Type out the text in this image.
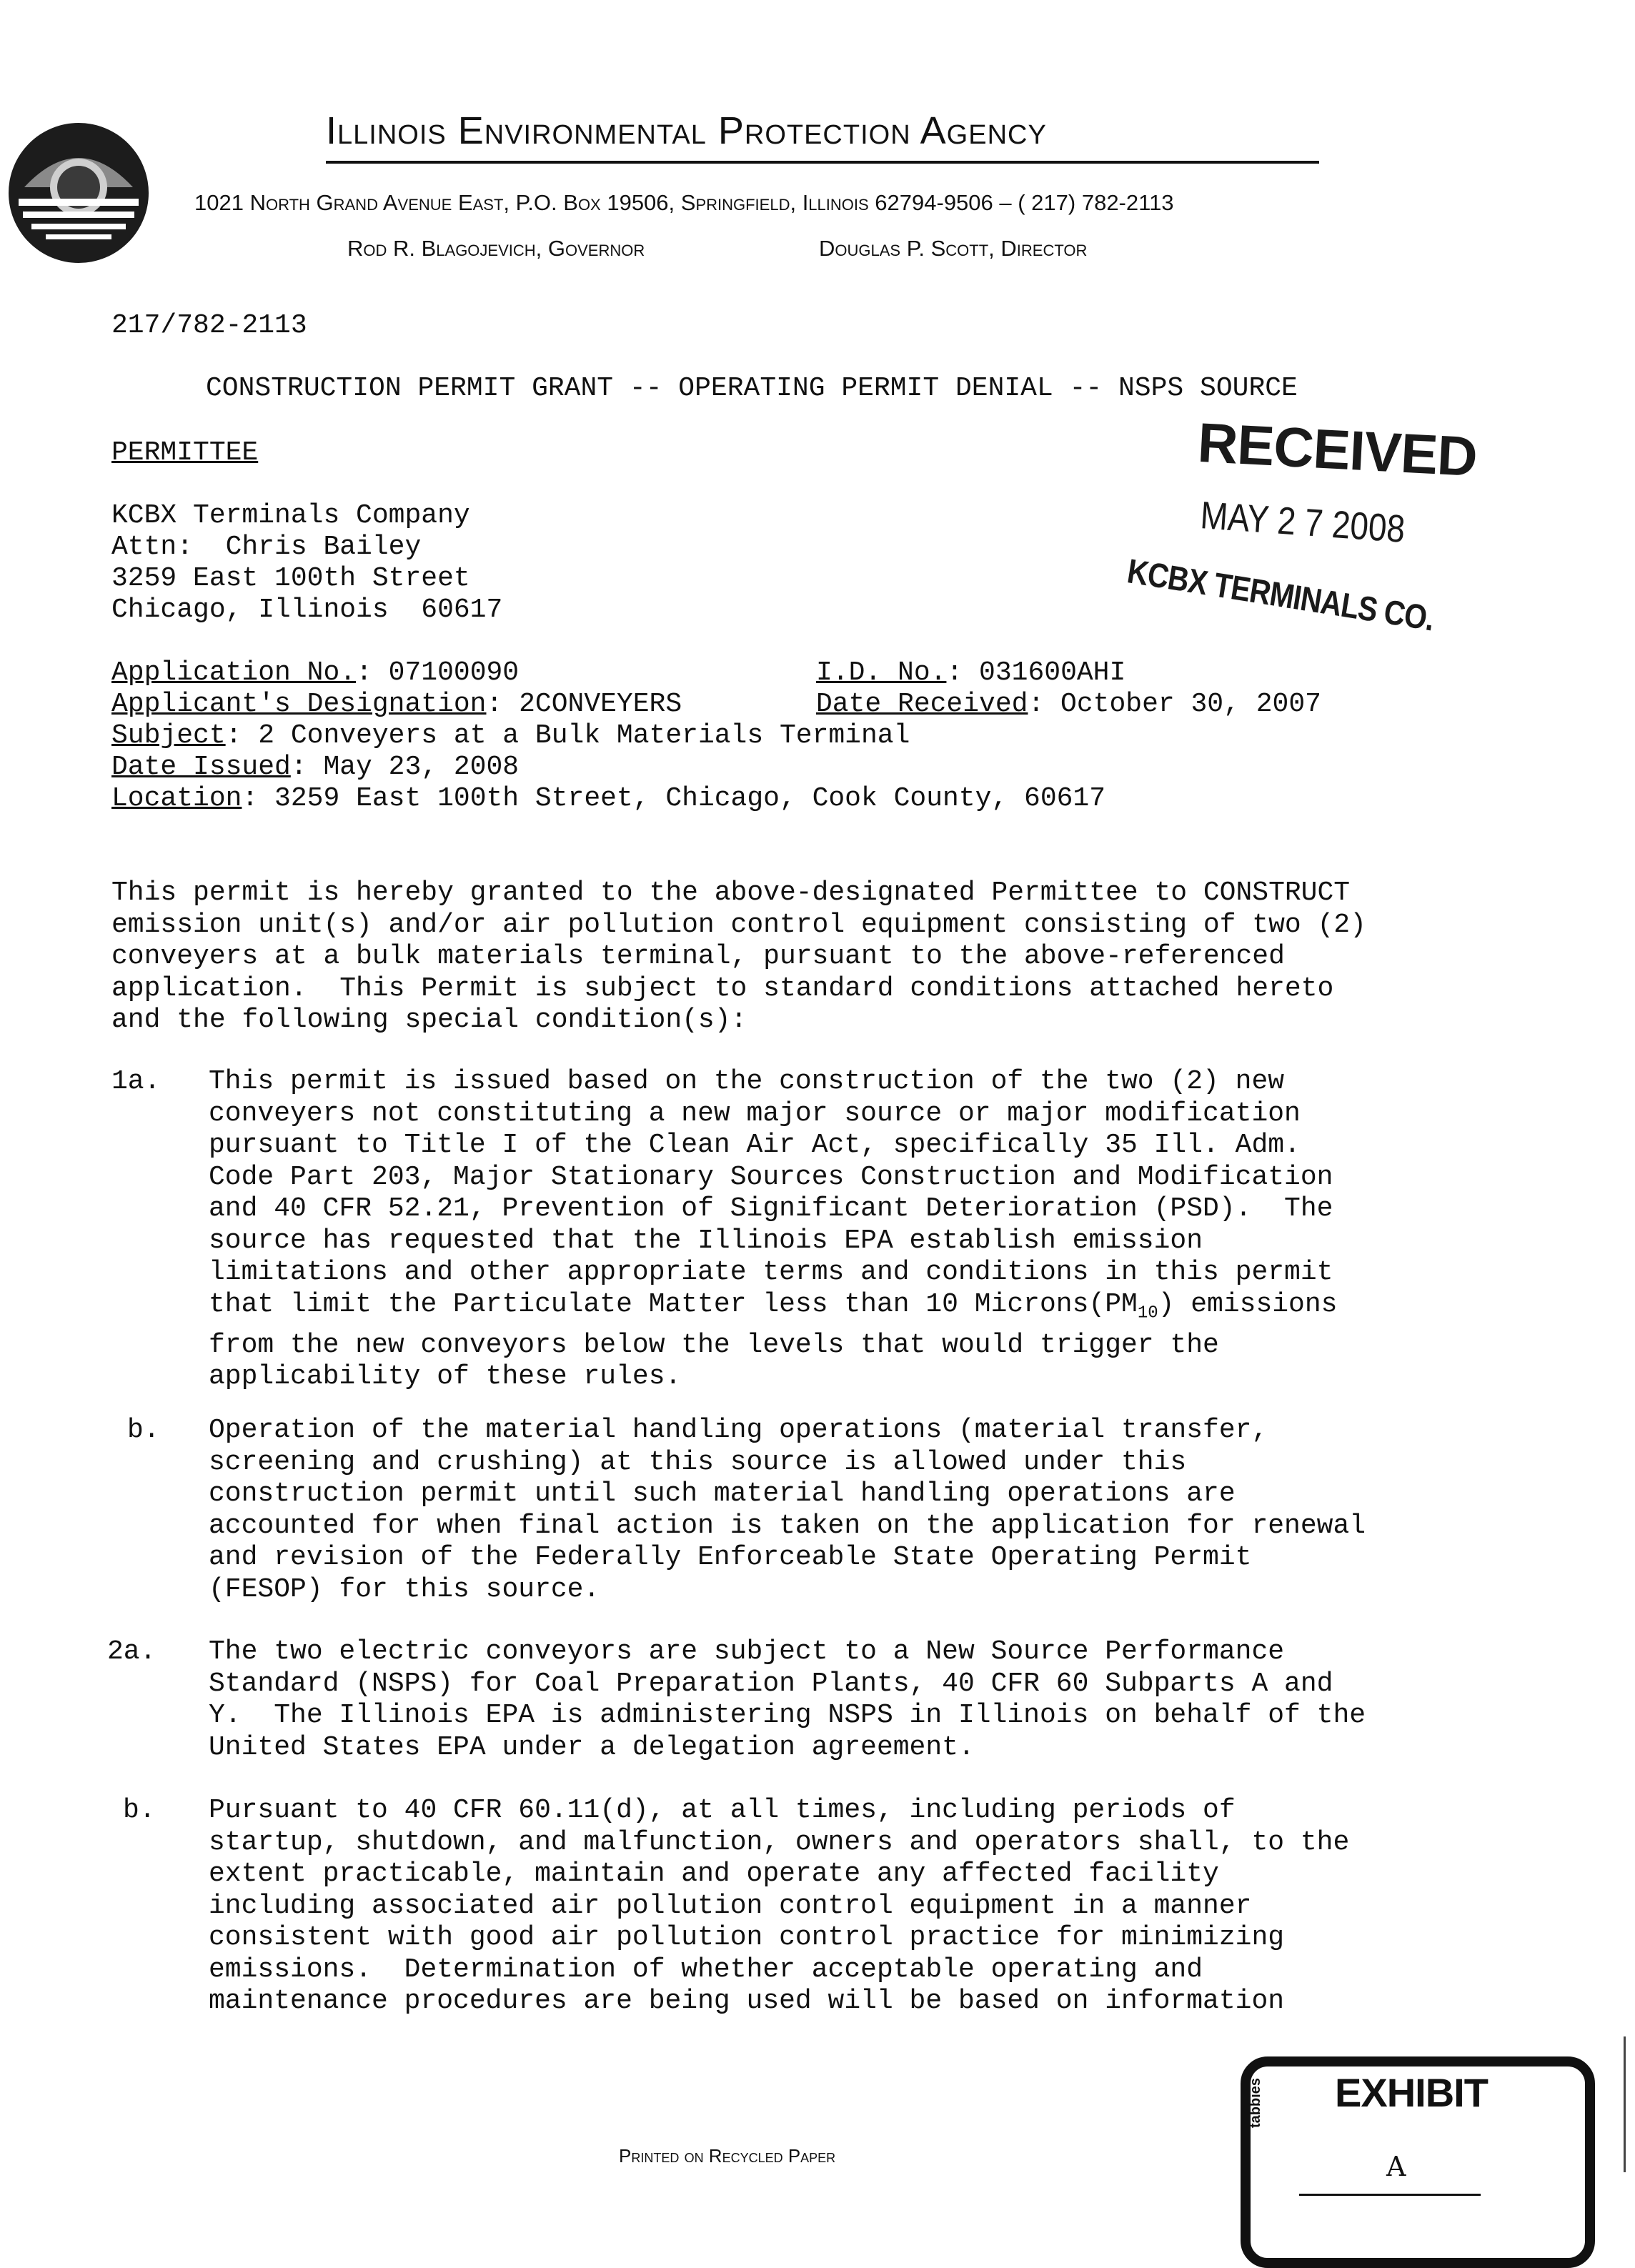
Illinois Environmental Protection Agency
1021 North Grand Avenue East, P.O. Box 19506, Springfield, Illinois 62794-9506 – ( 217) 782-2113
Rod R. Blagojevich, Governor	Douglas P. Scott, Director
217/782-2113
CONSTRUCTION PERMIT GRANT -- OPERATING PERMIT DENIAL -- NSPS SOURCE
PERMITTEE
KCBX Terminals Company
Attn:  Chris Bailey
3259 East 100th Street
Chicago, Illinois  60617
RECEIVED
MAY 2 7 2008
KCBX TERMINALS CO.
Application No.: 07100090	I.D. No.: 031600AHI
Applicant's Designation: 2CONVEYERS	Date Received: October 30, 2007
Subject: 2 Conveyers at a Bulk Materials Terminal
Date Issued: May 23, 2008
Location: 3259 East 100th Street, Chicago, Cook County, 60617
This permit is hereby granted to the above-designated Permittee to CONSTRUCT
emission unit(s) and/or air pollution control equipment consisting of two (2)
conveyers at a bulk materials terminal, pursuant to the above-referenced
application.  This Permit is subject to standard conditions attached hereto
and the following special condition(s):
1a. This permit is issued based on the construction of the two (2) new
conveyers not constituting a new major source or major modification
pursuant to Title I of the Clean Air Act, specifically 35 Ill. Adm.
Code Part 203, Major Stationary Sources Construction and Modification
and 40 CFR 52.21, Prevention of Significant Deterioration (PSD).  The
source has requested that the Illinois EPA establish emission
limitations and other appropriate terms and conditions in this permit
that limit the Particulate Matter less than 10 $Microns(PM_{10})$ emissions
from the new conveyors below the levels that would trigger the
applicability of these rules.
b. Operation of the material handling operations (material transfer,
screening and crushing) at this source is allowed under this
construction permit until such material handling operations are
accounted for when final action is taken on the application for renewal
and revision of the Federally Enforceable State Operating Permit
(FESOP) for this source.
2a. The two electric conveyors are subject to a New Source Performance
Standard (NSPS) for Coal Preparation Plants, 40 CFR 60 Subparts A and
Y.  The Illinois EPA is administering NSPS in Illinois on behalf of the
United States EPA under a delegation agreement.
b. Pursuant to 40 CFR 60.11(d), at all times, including periods of
startup, shutdown, and malfunction, owners and operators shall, to the
extent practicable, maintain and operate any affected facility
including associated air pollution control equipment in a manner
consistent with good air pollution control practice for minimizing
emissions.  Determination of whether acceptable operating and
maintenance procedures are being used will be based on information
Printed on Recycled Paper
EXHIBIT
tabbies
A
